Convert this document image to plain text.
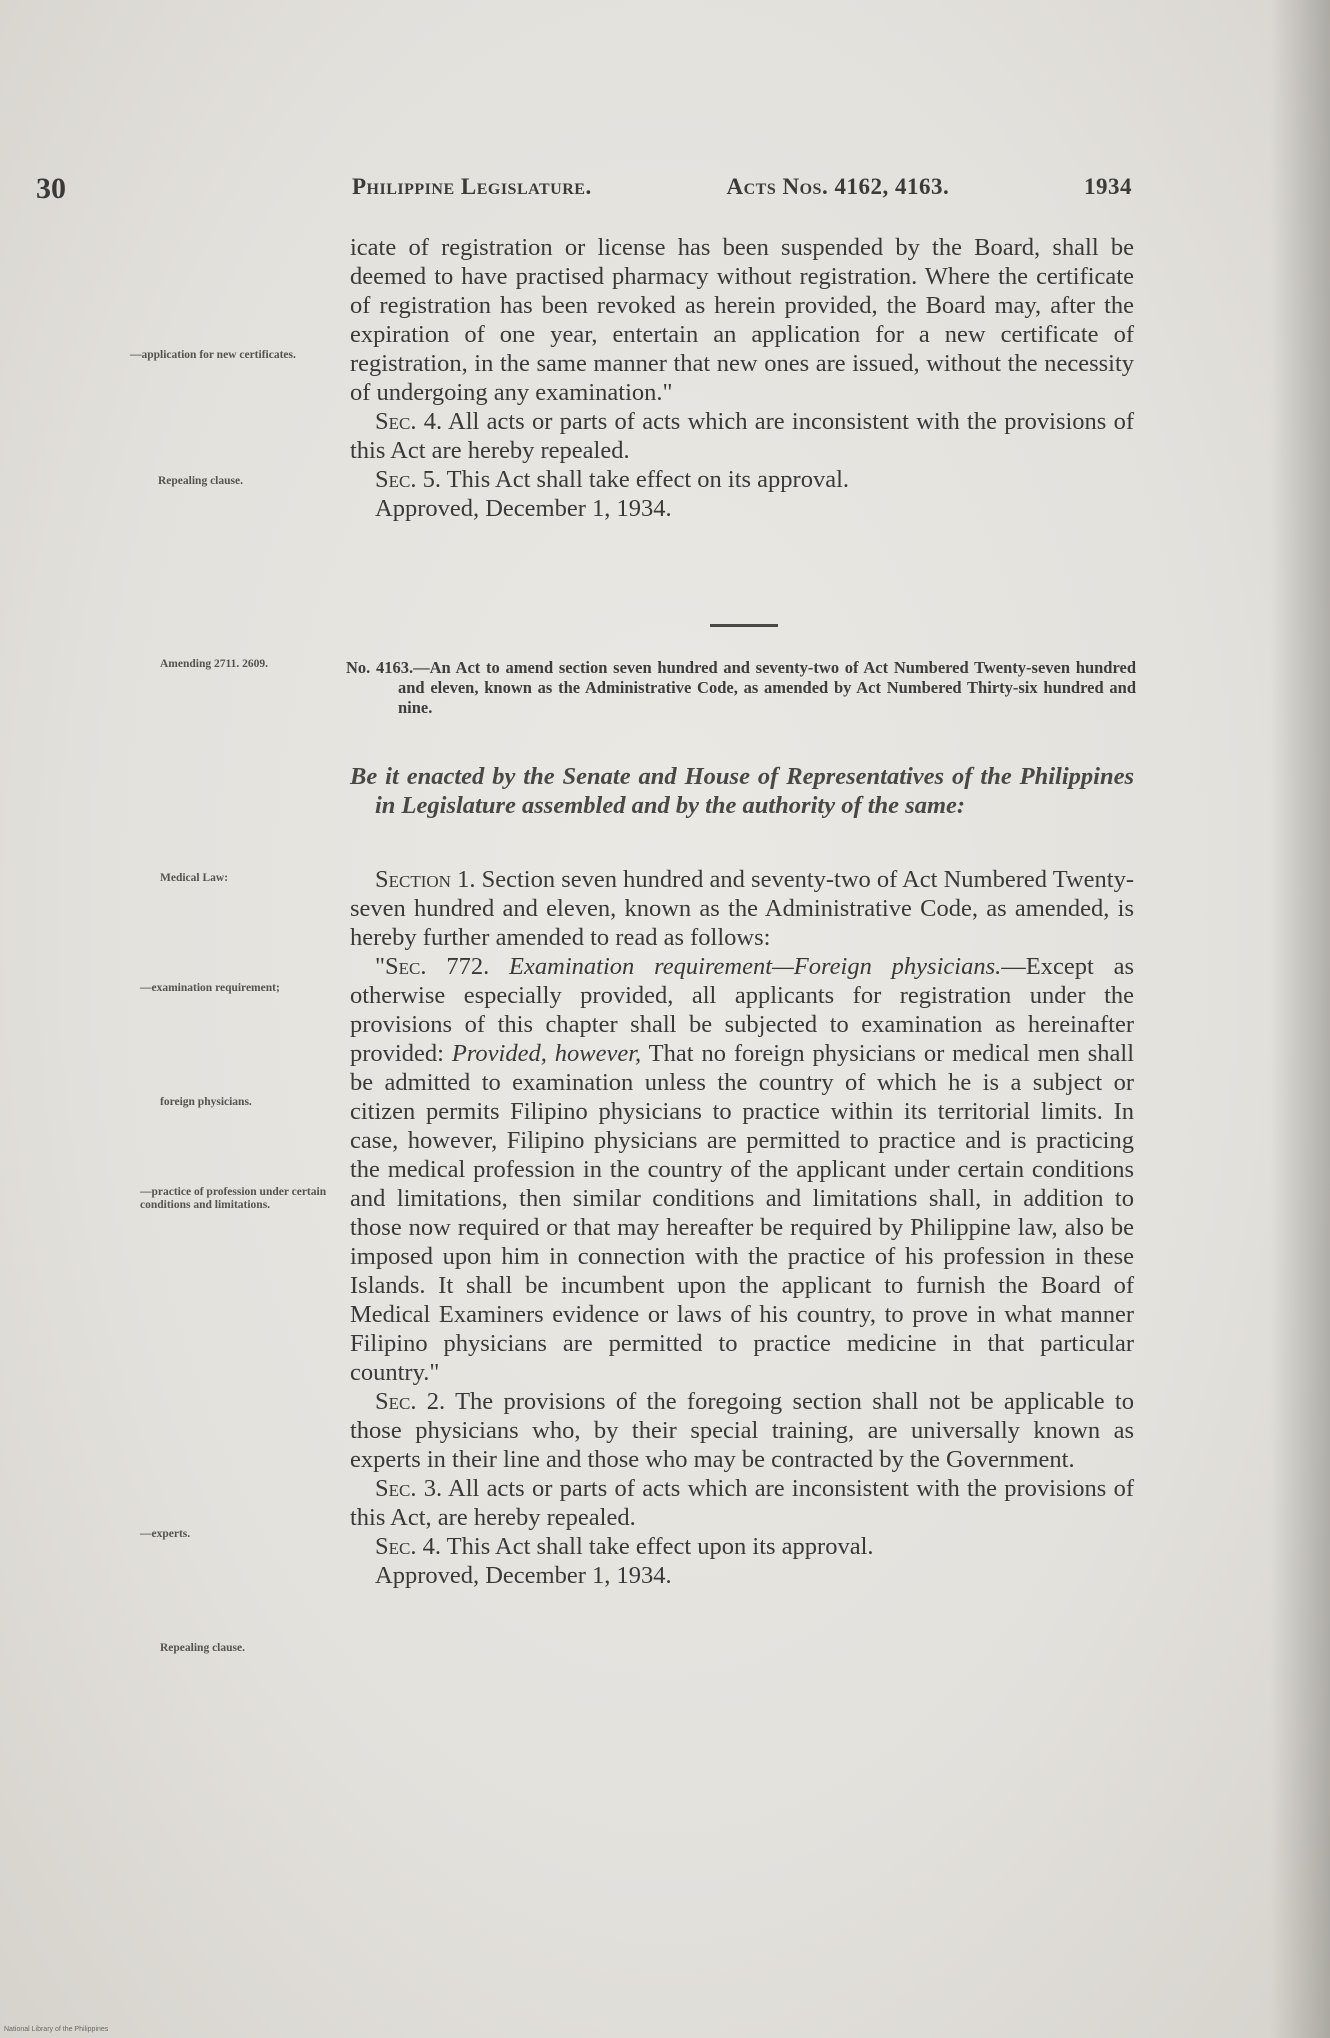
30	Philippine Legislature.	Acts Nos. 4162, 4163.	1934

icate of registration or license has been suspended by the Board, shall be deemed to have practised pharmacy without registration. Where the certificate of registration has been revoked as herein provided, the Board may, after the expiration of one year, entertain an application for a new certificate of registration, in the same manner that new ones are issued, without the necessity of undergoing any examination."

Sec. 4. All acts or parts of acts which are inconsistent with the provisions of this Act are hereby repealed.

Sec. 5. This Act shall take effect on its approval.

Approved, December 1, 1934.

—application for new certificates.
Repealing clause.
Amending 2711. 2609.	No. 4163.—An Act to amend section seven hundred and seventy-two of Act Numbered Twenty-seven hundred and eleven, known as the Administrative Code, as amended by Act Numbered Thirty-six hundred and nine.

Be it enacted by the Senate and House of Representatives of the Philippines in Legislature assembled and by the authority of the same:

Section 1. Section seven hundred and seventy-two of Act Numbered Twenty-seven hundred and eleven, known as the Administrative Code, as amended, is hereby further amended to read as follows:

"Sec. 772. Examination requirement—Foreign physicians.—Except as otherwise especially provided, all applicants for registration under the provisions of this chapter shall be subjected to examination as hereinafter provided: Provided, however, That no foreign physicians or medical men shall be admitted to examination unless the country of which he is a subject or citizen permits Filipino physicians to practice within its territorial limits. In case, however, Filipino physicians are permitted to practice and is practicing the medical profession in the country of the applicant under certain conditions and limitations, then similar conditions and limitations shall, in addition to those now required or that may hereafter be required by Philippine law, also be imposed upon him in connection with the practice of his profession in these Islands. It shall be incumbent upon the applicant to furnish the Board of Medical Examiners evidence or laws of his country, to prove in what manner Filipino physicians are permitted to practice medicine in that particular country."

Sec. 2. The provisions of the foregoing section shall not be applicable to those physicians who, by their special training, are universally known as experts in their line and those who may be contracted by the Government.

Sec. 3. All acts or parts of acts which are inconsistent with the provisions of this Act, are hereby repealed.

Sec. 4. This Act shall take effect upon its approval.

Approved, December 1, 1934.

Medical Law:
—examination requirement;
foreign physicians.
—practice of profession under certain conditions and limitations.
—experts.
Repealing clause.
National Library of the Philippines
